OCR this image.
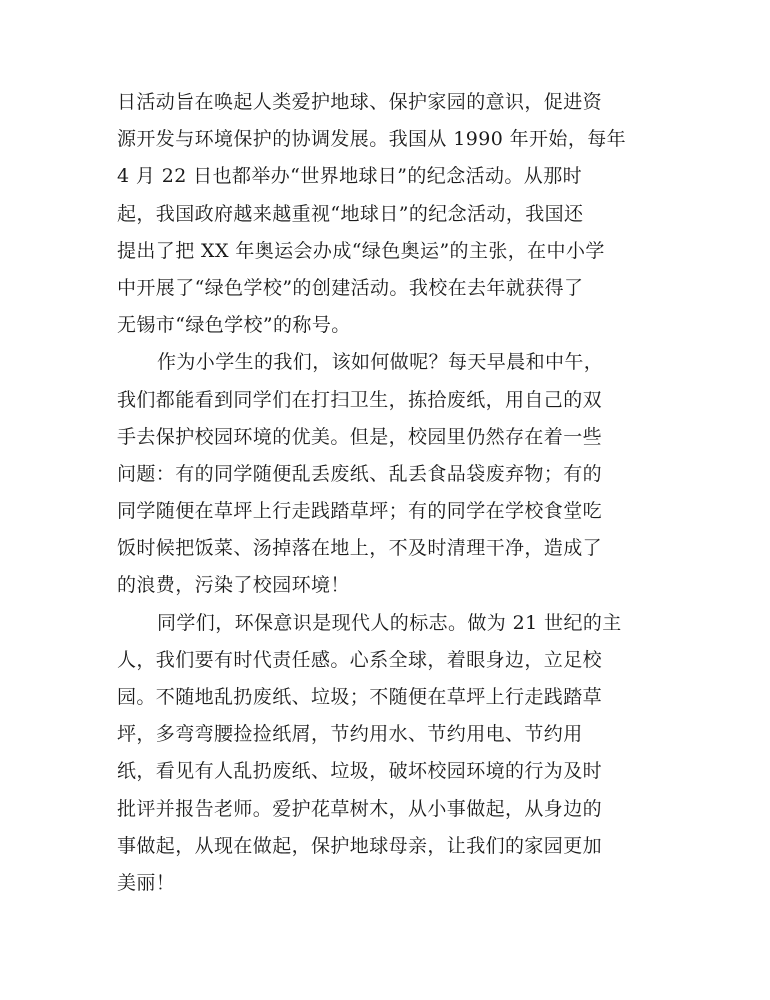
日活动旨在唤起人类爱护地球、保护家园的意识，促进资
源开发与环境保护的协调发展。我国从 1990 年开始，每年
4 月 22 日也都举办“世界地球日”的纪念活动。从那时
起，我国政府越来越重视“地球日”的纪念活动，我国还
提出了把 XX 年奥运会办成“绿色奥运”的主张，在中小学
中开展了“绿色学校”的创建活动。我校在去年就获得了
无锡市“绿色学校”的称号。
作为小学生的我们，该如何做呢？每天早晨和中午，
我们都能看到同学们在打扫卫生，拣拾废纸，用自己的双
手去保护校园环境的优美。但是，校园里仍然存在着一些
问题：有的同学随便乱丢废纸、乱丢食品袋废弃物；有的
同学随便在草坪上行走践踏草坪；有的同学在学校食堂吃
饭时候把饭菜、汤掉落在地上，不及时清理干净，造成了
的浪费，污染了校园环境！
同学们，环保意识是现代人的标志。做为 21 世纪的主
人，我们要有时代责任感。心系全球，着眼身边，立足校
园。不随地乱扔废纸、垃圾；不随便在草坪上行走践踏草
坪，多弯弯腰捡捡纸屑，节约用水、节约用电、节约用
纸，看见有人乱扔废纸、垃圾，破坏校园环境的行为及时
批评并报告老师。爱护花草树木，从小事做起，从身边的
事做起，从现在做起，保护地球母亲，让我们的家园更加
美丽！
